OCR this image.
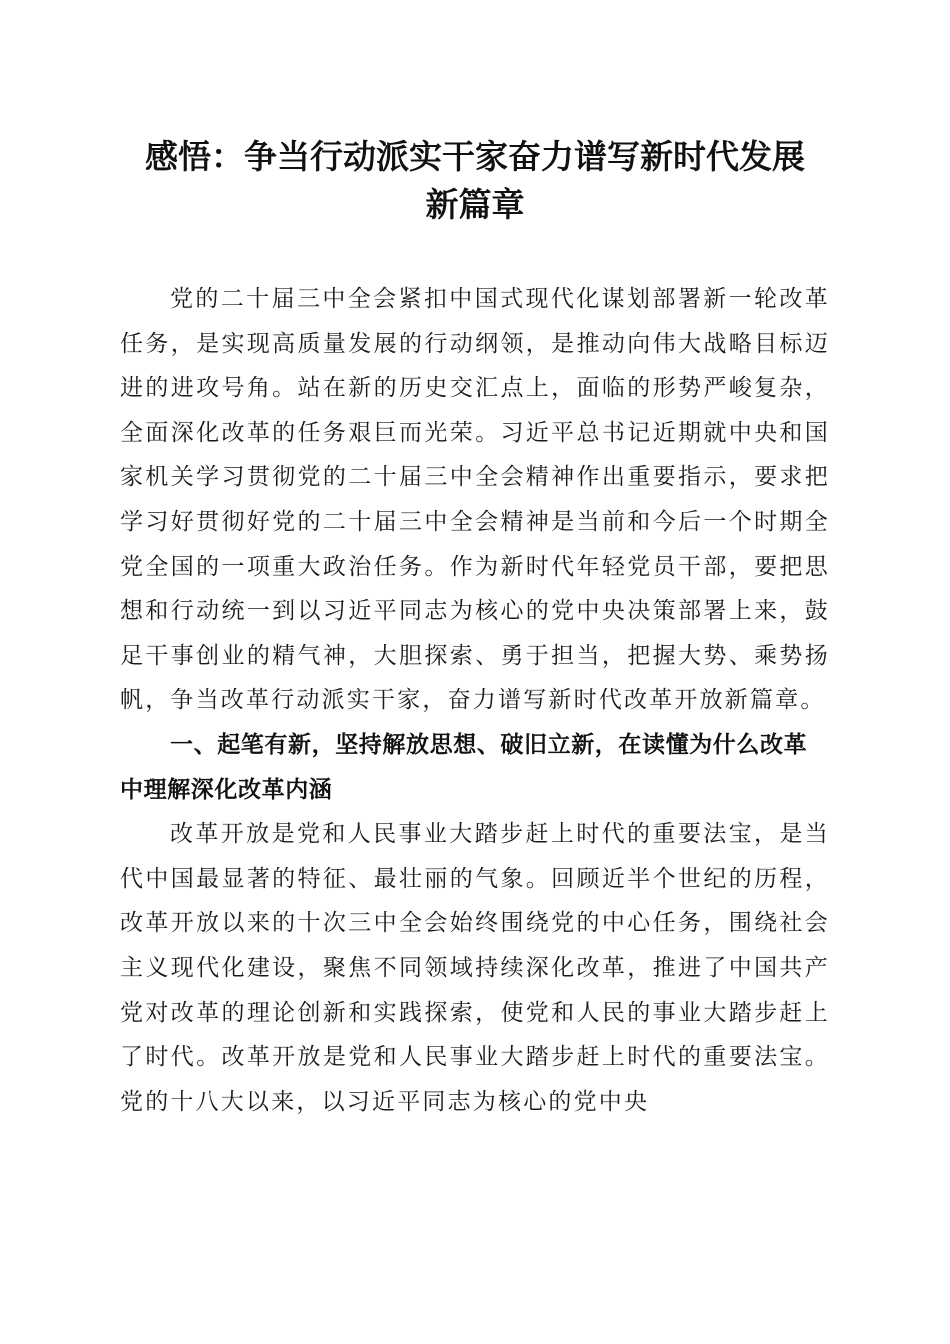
感悟：争当行动派实干家奋力谱写新时代发展
新篇章

党的二十届三中全会紧扣中国式现代化谋划部署新一轮改革任务，是实现高质量发展的行动纲领，是推动向伟大战略目标迈进的进攻号角。站在新的历史交汇点上，面临的形势严峻复杂，全面深化改革的任务艰巨而光荣。习近平总书记近期就中央和国家机关学习贯彻党的二十届三中全会精神作出重要指示，要求把学习好贯彻好党的二十届三中全会精神是当前和今后一个时期全党全国的一项重大政治任务。作为新时代年轻党员干部，要把思想和行动统一到以习近平同志为核心的党中央决策部署上来，鼓足干事创业的精气神，大胆探索、勇于担当，把握大势、乘势扬帆，争当改革行动派实干家，奋力谱写新时代改革开放新篇章。

一、起笔有新，坚持解放思想、破旧立新，在读懂为什么改革中理解深化改革内涵

改革开放是党和人民事业大踏步赶上时代的重要法宝，是当代中国最显著的特征、最壮丽的气象。回顾近半个世纪的历程，改革开放以来的十次三中全会始终围绕党的中心任务，围绕社会主义现代化建设，聚焦不同领域持续深化改革，推进了中国共产党对改革的理论创新和实践探索，使党和人民的事业大踏步赶上了时代。改革开放是党和人民事业大踏步赶上时代的重要法宝。党的十八大以来，以习近平同志为核心的党中央
